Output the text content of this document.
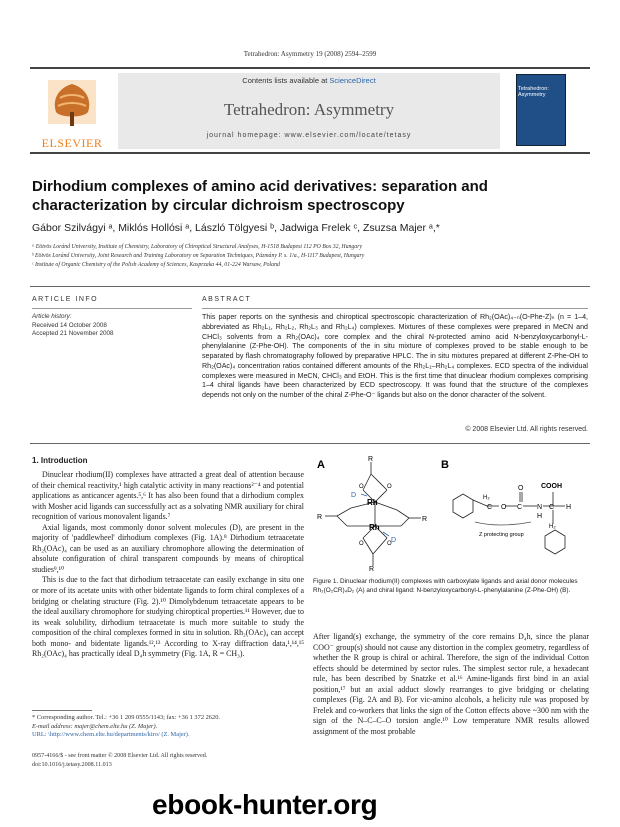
Tetrahedron: Asymmetry 19 (2008) 2594–2599
ELSEVIER
Contents lists available at ScienceDirect
Tetrahedron: Asymmetry
journal homepage: www.elsevier.com/locate/tetasy
Tetrahedron: Asymmetry
Dirhodium complexes of amino acid derivatives: separation and
characterization by circular dichroism spectroscopy
Gábor Szilvágyi ᵃ, Miklós Hollósi ᵃ, László Tölgyesi ᵇ, Jadwiga Frelek ᶜ, Zsuzsa Majer ᵃ,*
ᵃ Eötvös Loránd University, Institute of Chemistry, Laboratory of Chiroptical Structural Analyses, H-1518 Budapest 112 PO Box 32, Hungary
ᵇ Eötvös Loránd University, Joint Research and Training Laboratory on Separation Techniques, Pázmány P. s. 1/a., H-1117 Budapest, Hungary
ᶜ Institute of Organic Chemistry of the Polish Academy of Sciences, Kasprzaka 44, 01-224 Warsaw, Poland
ARTICLE INFO	ABSTRACT
Article history:
Received 14 October 2008
Accepted 21 November 2008
This paper reports on the synthesis and chiroptical spectroscopic characterization of Rh₂(OAc)₄₋ₙ(O-Phe-Z)ₙ (n = 1–4, abbreviated as Rh₂L₁, Rh₂L₂, Rh₂L₃ and Rh₂L₄) complexes. Mixtures of these complexes were prepared in MeCN and CHCl₃ solvents from a Rh₂(OAc)₄ core complex and the chiral N-protected amino acid N-benzyloxycarbonyl-L-phenylalanine (Z-Phe-OH). The components of the in situ mixture of complexes proved to be stable enough to be separated by flash chromatography followed by preparative HPLC. The in situ mixtures prepared at different Z-Phe-OH to Rh₂(OAc)₄ concentration ratios contained different amounts of the Rh₂L₁–Rh₂L₄ complexes. ECD spectra of the individual complexes were measured in MeCN, CHCl₃ and EtOH. This is the first time that dinuclear rhodium complexes comprising 1–4 chiral ligands have been characterized by ECD spectroscopy. It was found that the structure of the complexes depends not only on the number of the chiral Z-Phe-O⁻ ligands but also on the donor character of the solvent.
© 2008 Elsevier Ltd. All rights reserved.
1. Introduction

Dinuclear rhodium(II) complexes have attracted a great deal of attention because of their chemical reactivity,¹ high catalytic activity in many reactions²⁻⁴ and potential applications as anticancer agents.⁵,⁶ It has also been found that a dirhodium complex with Mosher acid ligands can successfully act as a solvating NMR auxiliary for chiral recognition of various monovalent ligands.⁷

Axial ligands, most commonly donor solvent molecules (D), are present in the majority of 'paddlewheel' dirhodium complexes (Fig. 1A).⁸ Dirhodium tetraacetate Rh₂(OAc)₄ can be used as an auxiliary chromophore allowing the determination of absolute configuration of chiral transparent compounds by means of chiroptical studies⁹,¹⁰

This is due to the fact that dirhodium tetraacetate can easily exchange in situ one or more of its acetate units with other bidentate ligands to form chiral complexes of a bridging or chelating structure (Fig. 2).¹⁰ Dimolybdenum tetraacetate appears to be the ideal auxiliary chromophore for studying chiroptical properties.¹¹ However, due to its weak solubility, dirhodium tetraacetate is much more suitable to study the composition of the chiral complexes formed in situ in solution. Rh₂(OAc)₄ can accept both mono- and bidentate ligands.¹²,¹³ According to X-ray diffraction data,¹,¹⁴,¹⁵ Rh₂(OAc)₄ has practically ideal D₄h symmetry (Fig. 1A, R = CH₃).

A	R
R
R	R
O	O
O	O
Rh
Rh
D
D
B
H₂
C O C
O
N
H
C H
COOH
H₂
Z protecting group
Figure 1. Dinuclear rhodium(II) complexes with carboxylate ligands and axial donor molecules Rh₂(O₂CR)₄D₂ (A) and chiral ligand: N-benzyloxycarbonyl-L-phenylalanine (Z-Phe-OH) (B).

After ligand(s) exchange, the symmetry of the core remains D₄h, since the planar COO⁻ group(s) should not cause any distortion in the complex geometry, regardless of whether the R group is chiral or achiral. Therefore, the sign of the individual Cotton effects should be determined by sector rules. The simplest sector rule, a hexadecant rule, has been described by Snatzke et al.¹⁶ Amine-ligands first bind in an axial position,¹⁷ but an axial adduct slowly rearranges to give bridging or chelating complexes (Fig. 2A and B). For vic-amino alcohols, a helicity rule was proposed by Frelek and co-workers that links the sign of the Cotton effects above ~300 nm with the sign of the N–C–C–O torsion angle.¹⁰ Low temperature NMR results allowed assignment of the most probable

* Corresponding author. Tel.: +36 1 209 0555/1143; fax: +36 1 372 2620.
E-mail address: majer@chem.elte.hu (Z. Majer).
URL: \http://www.chem.elte.hu/departments/kiro/ (Z. Majer).
0957-4166/$ - see front matter © 2008 Elsevier Ltd. All rights reserved.
doi:10.1016/j.tetasy.2008.11.013
ebook-hunter.org
